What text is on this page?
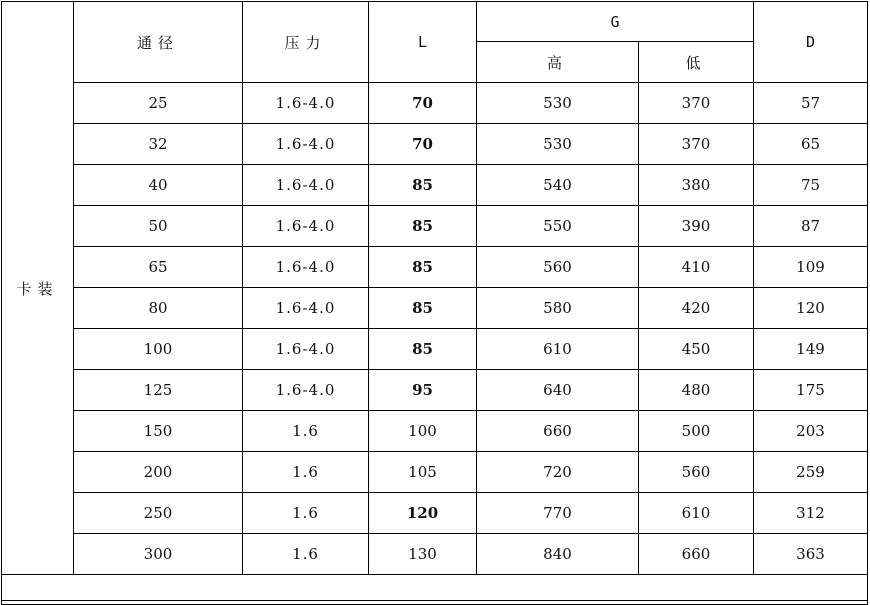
卡装	通径	压力	L	G		D
				高	低	
	25	1.6-4.0	70	530	370	57
	32	1.6-4.0	70	530	370	65
	40	1.6-4.0	85	540	380	75
	50	1.6-4.0	85	550	390	87
	65	1.6-4.0	85	560	410	109
	80	1.6-4.0	85	580	420	120
	100	1.6-4.0	85	610	450	149
	125	1.6-4.0	95	640	480	175
	150	1.6	100	660	500	203
	200	1.6	105	720	560	259
	250	1.6	120	770	610	312
	300	1.6	130	840	660	363
